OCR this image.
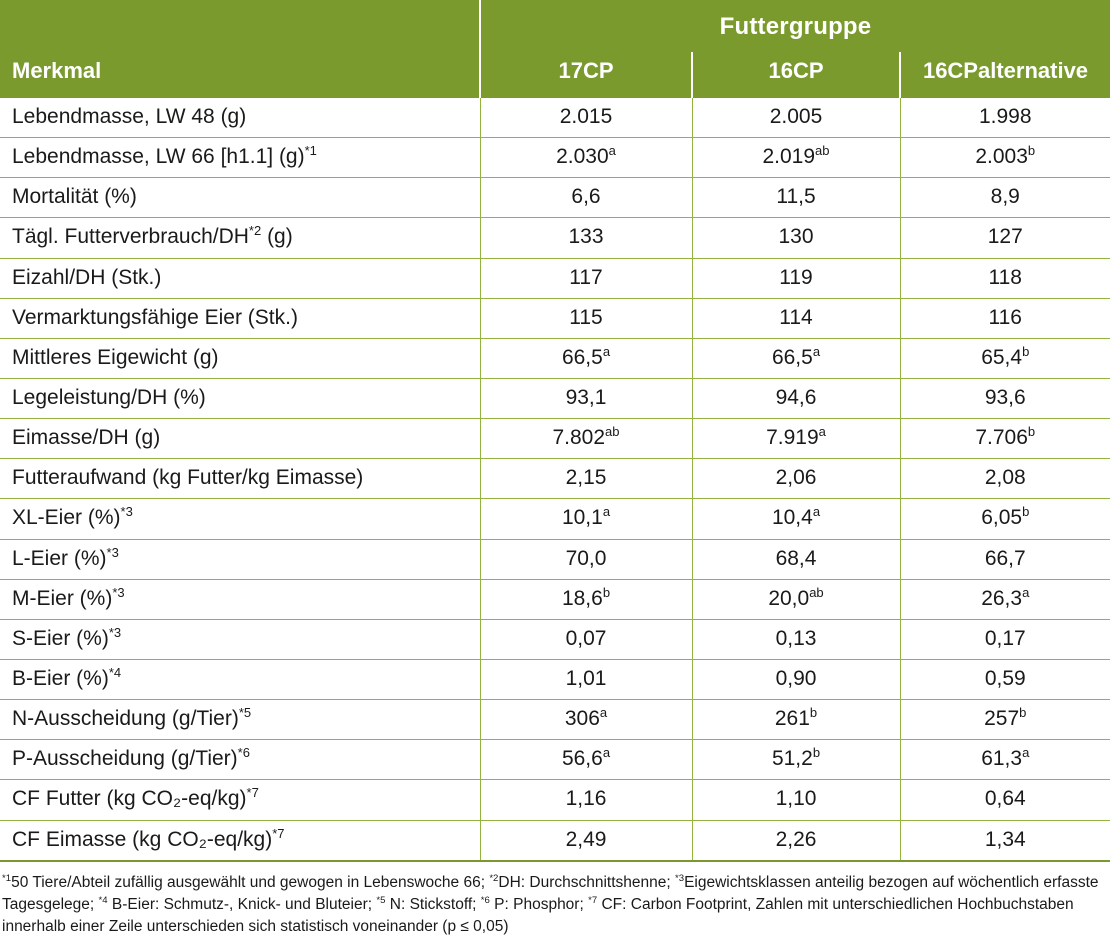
	Futtergruppe		
Merkmal	17CP	16CP	16CPalternative
Lebendmasse, LW 48 (g)	2.015	2.005	1.998
Lebendmasse, LW 66 [h1.1] $(g)^{*1}$	2.030$^a$	2.019$^{ab}$	2.003$^b$
Mortalität (%)	6,6	11,5	8,9
Tägl. Futterverbrauch/DH$^{*2}$ (g)	133	130	127
Eizahl/DH (Stk.)	117	119	118
Vermarktungsfähige Eier (Stk.)	115	114	116
Mittleres Eigewicht (g)	66,5$^a$	66,5$^a$	65,4$^b$
Legeleistung/DH (%)	93,1	94,6	93,6
Eimasse/DH (g)	7.802$^{ab}$	7.919$^a$	7.706$^b$
Futteraufwand (kg Futter/kg Eimasse)	2,15	2,06	2,08
XL-Eier (%)$^{*3}$	10,1$^a$	10,4$^a$	6,05$^b$
L-Eier (%)$^{*3}$	70,0	68,4	66,7
M-Eier (%)$^{*3}$	18,6$^b$	20,0$^{ab}$	26,3$^a$
S-Eier (%)$^{*3}$	0,07	0,13	0,17
B-Eier (%)$^{*4}$	1,01	0,90	0,59
N-Ausscheidung (g/Tier)$^{*5}$	306$^a$	261$^b$	257$^b$
P-Ausscheidung (g/Tier)$^{*6}$	56,6$^a$	51,2$^b$	61,3$^a$
CF Futter (kg CO₂-eq/kg)$^{*7}$	1,16	1,10	0,64
CF Eimasse (kg CO₂-eq/kg)$^{*7}$	2,49	2,26	1,34

$^{*1}$50 Tiere/Abteil zufällig ausgewählt und gewogen in Lebenswoche 66; $^{*2}$DH: Durchschnittshenne; $^{*3}$Eigewichtsklassen anteilig bezogen auf wöchentlich erfasste Tagesgelege; $^{*4}$ B-Eier: Schmutz-, Knick- und Bluteier; $^{*5}$ N: Stickstoff; $^{*6}$ P: Phosphor; $^{*7}$ CF: Carbon Footprint, Zahlen mit unterschiedlichen Hochbuchstaben innerhalb einer Zeile unterschieden sich statistisch voneinander (p ≤ 0,05)
